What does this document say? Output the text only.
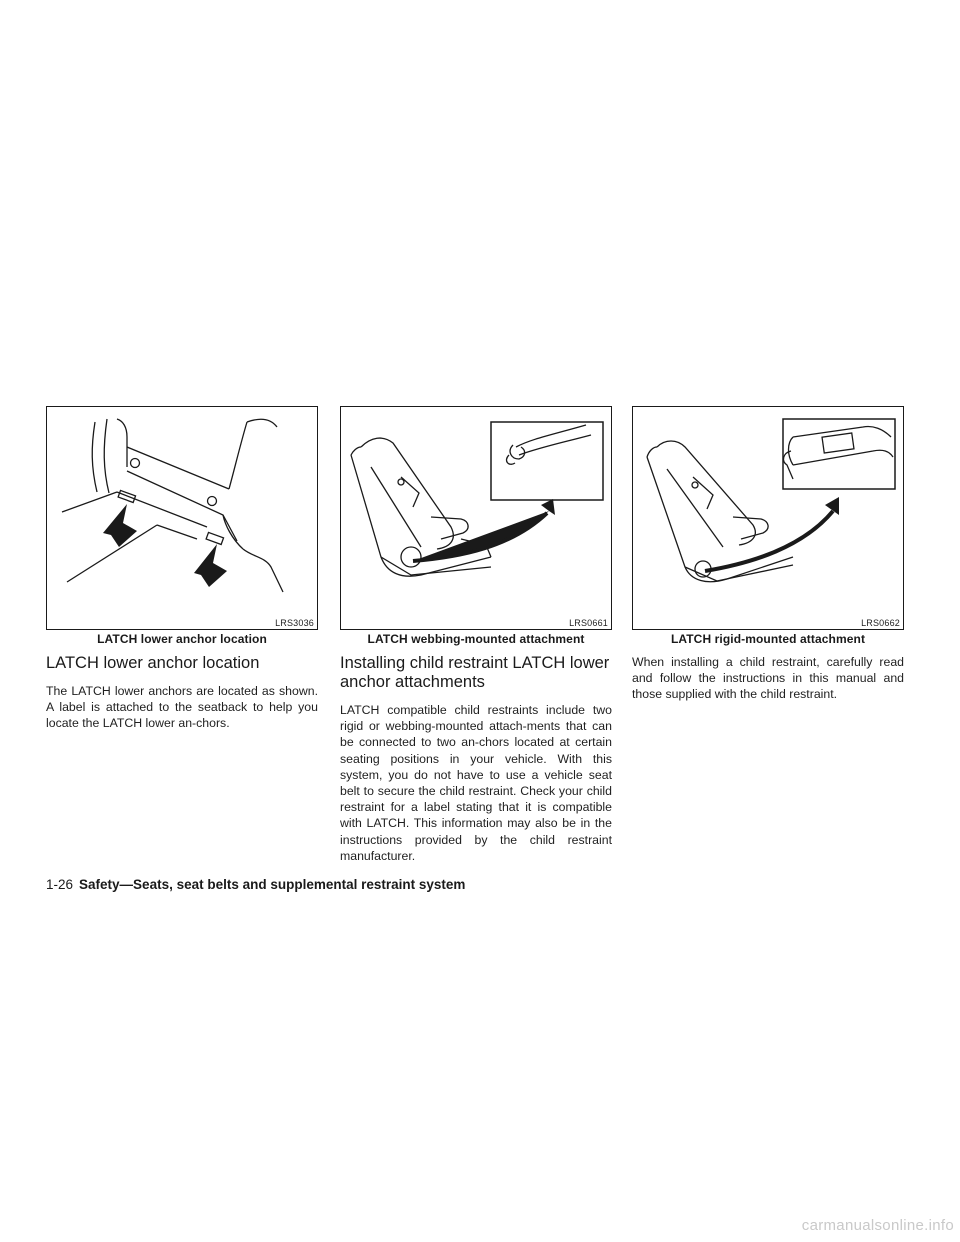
LRS3036
LATCH lower anchor location
LATCH lower anchor location

The LATCH lower anchors are located as shown. A label is attached to the seatback to help you locate the LATCH lower an-chors.

LRS0661
LATCH webbing-mounted attachment
Installing child restraint LATCH lower anchor attachments

LATCH compatible child restraints include two rigid or webbing-mounted attach-ments that can be connected to two an-chors located at certain seating positions in your vehicle. With this system, you do not have to use a vehicle seat belt to secure the child restraint. Check your child restraint for a label stating that it is compatible with LATCH. This information may also be in the instructions provided by the child restraint manufacturer.

LRS0662
LATCH rigid-mounted attachment

When installing a child restraint, carefully read and follow the instructions in this manual and those supplied with the child restraint.

1-26 Safety—Seats, seat belts and supplemental restraint system
carmanualsonline.info
